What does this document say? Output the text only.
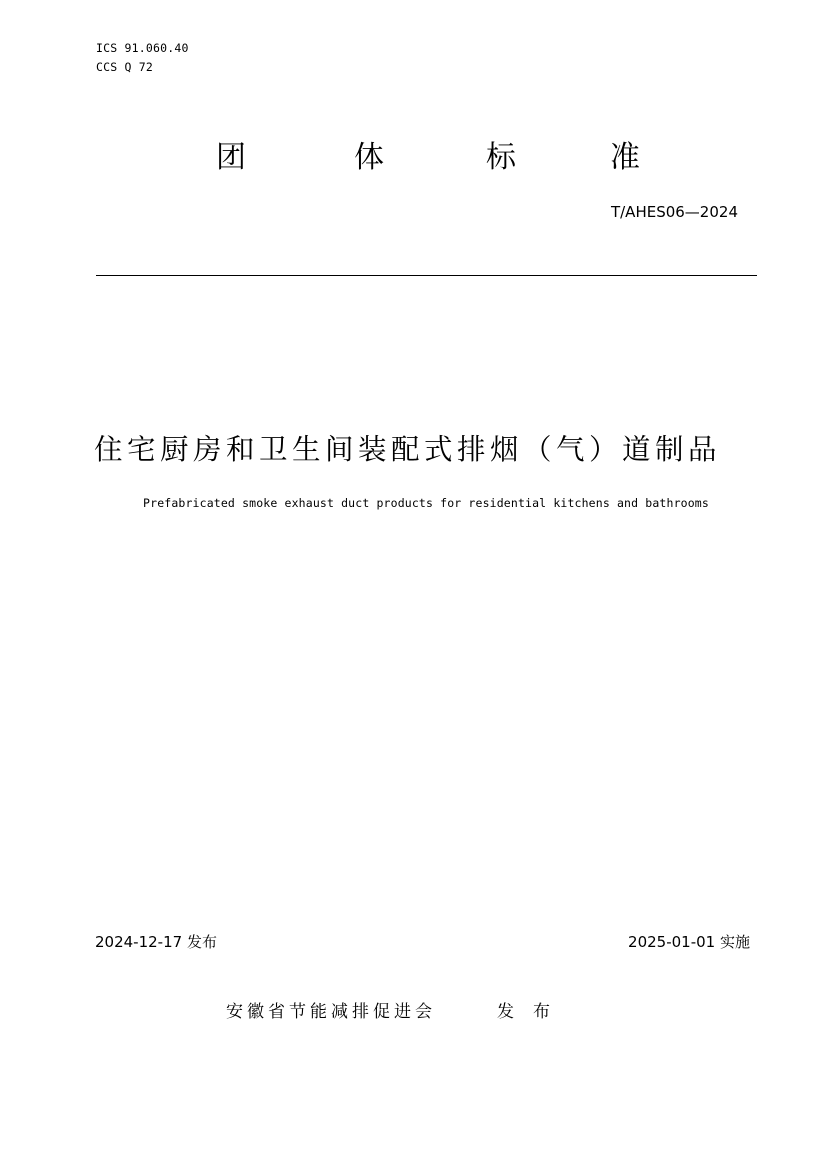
ICS 91.060.40
CCS Q 72
团	体	标	准
T/AHES06—2024
住宅厨房和卫生间装配式排烟（气）道制品
Prefabricated smoke exhaust duct products for residential kitchens and bathrooms
2024-12-17 发布	2025-01-01 实施
安徽省节能减排促进会	发布
